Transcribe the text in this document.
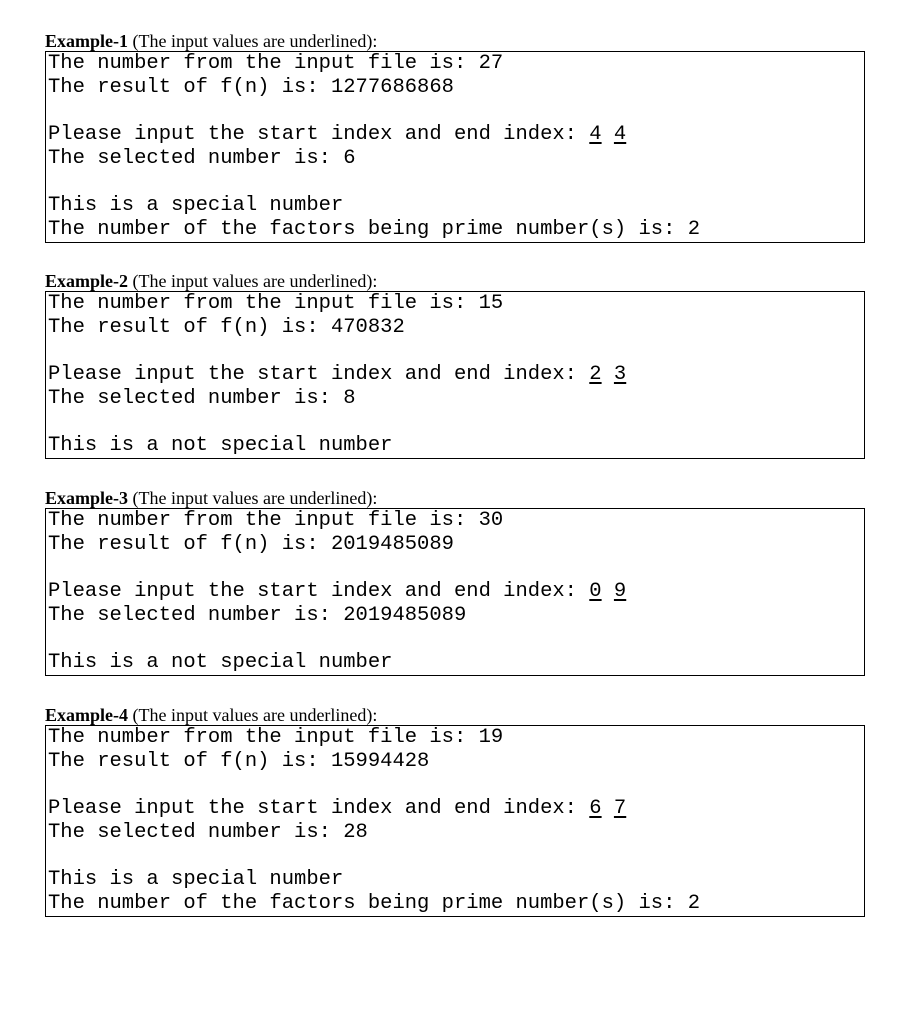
Example-1 (The input values are underlined):
The number from the input file is: 27
The result of f(n) is: 1277686868
Please input the start index and end index: 4 4
The selected number is: 6
This is a special number
The number of the factors being prime number(s) is: 2
Example-2 (The input values are underlined):
The number from the input file is: 15
The result of f(n) is: 470832
Please input the start index and end index: 2 3
The selected number is: 8
This is a not special number
Example-3 (The input values are underlined):
The number from the input file is: 30
The result of f(n) is: 2019485089
Please input the start index and end index: 0 9
The selected number is: 2019485089
This is a not special number
Example-4 (The input values are underlined):
The number from the input file is: 19
The result of f(n) is: 15994428
Please input the start index and end index: 6 7
The selected number is: 28
This is a special number
The number of the factors being prime number(s) is: 2
